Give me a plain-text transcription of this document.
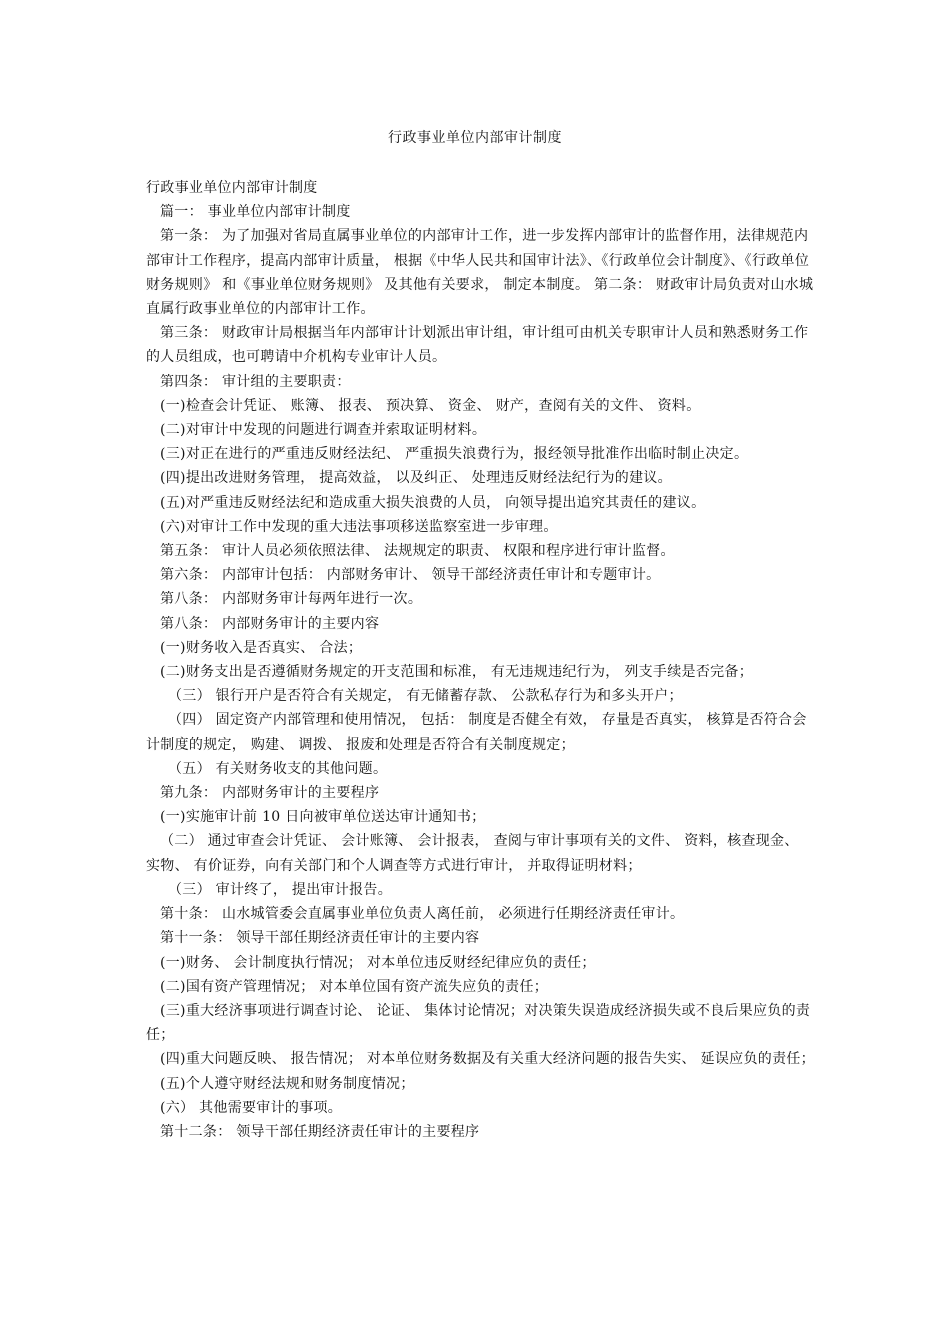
行政事业单位内部审计制度

行政事业单位内部审计制度

篇一： 事业单位内部审计制度

第一条： 为了加强对省局直属事业单位的内部审计工作，进一步发挥内部审计的监督作用，法律规范内部审计工作程序，提高内部审计质量， 根据《中华人民共和国审计法》、《行政单位会计制度》、《行政单位财务规则》 和《事业单位财务规则》 及其他有关要求， 制定本制度。 第二条： 财政审计局负责对山水城直属行政事业单位的内部审计工作。

第三条： 财政审计局根据当年内部审计计划派出审计组，审计组可由机关专职审计人员和熟悉财务工作的人员组成，也可聘请中介机构专业审计人员。

第四条： 审计组的主要职责：

(一)检查会计凭证、 账簿、 报表、 预决算、 资金、 财产，查阅有关的文件、 资料。

(二)对审计中发现的问题进行调查并索取证明材料。

(三)对正在进行的严重违反财经法纪、 严重损失浪费行为，报经领导批准作出临时制止决定。

(四)提出改进财务管理， 提高效益， 以及纠正、 处理违反财经法纪行为的建议。

(五)对严重违反财经法纪和造成重大损失浪费的人员， 向领导提出追究其责任的建议。

(六)对审计工作中发现的重大违法事项移送监察室进一步审理。

第五条： 审计人员必须依照法律、 法规规定的职责、 权限和程序进行审计监督。

第六条： 内部审计包括： 内部财务审计、 领导干部经济责任审计和专题审计。

第八条： 内部财务审计每两年进行一次。

第八条： 内部财务审计的主要内容

(一)财务收入是否真实、 合法；

(二)财务支出是否遵循财务规定的开支范围和标准， 有无违规违纪行为， 列支手续是否完备；

（三） 银行开户是否符合有关规定， 有无储蓄存款、 公款私存行为和多头开户；

（四） 固定资产内部管理和使用情况， 包括： 制度是否健全有效， 存量是否真实， 核算是否符合会计制度的规定， 购建、 调拨、 报废和处理是否符合有关制度规定；

（五） 有关财务收支的其他问题。

第九条： 内部财务审计的主要程序

(一)实施审计前 10 日向被审单位送达审计通知书；

（二） 通过审查会计凭证、 会计账簿、 会计报表， 查阅与审计事项有关的文件、 资料，核查现金、 实物、 有价证券，向有关部门和个人调查等方式进行审计， 并取得证明材料；

（三） 审计终了， 提出审计报告。

第十条： 山水城管委会直属事业单位负责人离任前， 必须进行任期经济责任审计。

第十一条： 领导干部任期经济责任审计的主要内容

(一)财务、 会计制度执行情况； 对本单位违反财经纪律应负的责任；

(二)国有资产管理情况； 对本单位国有资产流失应负的责任；

(三)重大经济事项进行调查讨论、 论证、 集体讨论情况；对决策失误造成经济损失或不良后果应负的责任；

(四)重大问题反映、 报告情况； 对本单位财务数据及有关重大经济问题的报告失实、 延误应负的责任；

(五)个人遵守财经法规和财务制度情况；

(六） 其他需要审计的事项。

第十二条： 领导干部任期经济责任审计的主要程序
